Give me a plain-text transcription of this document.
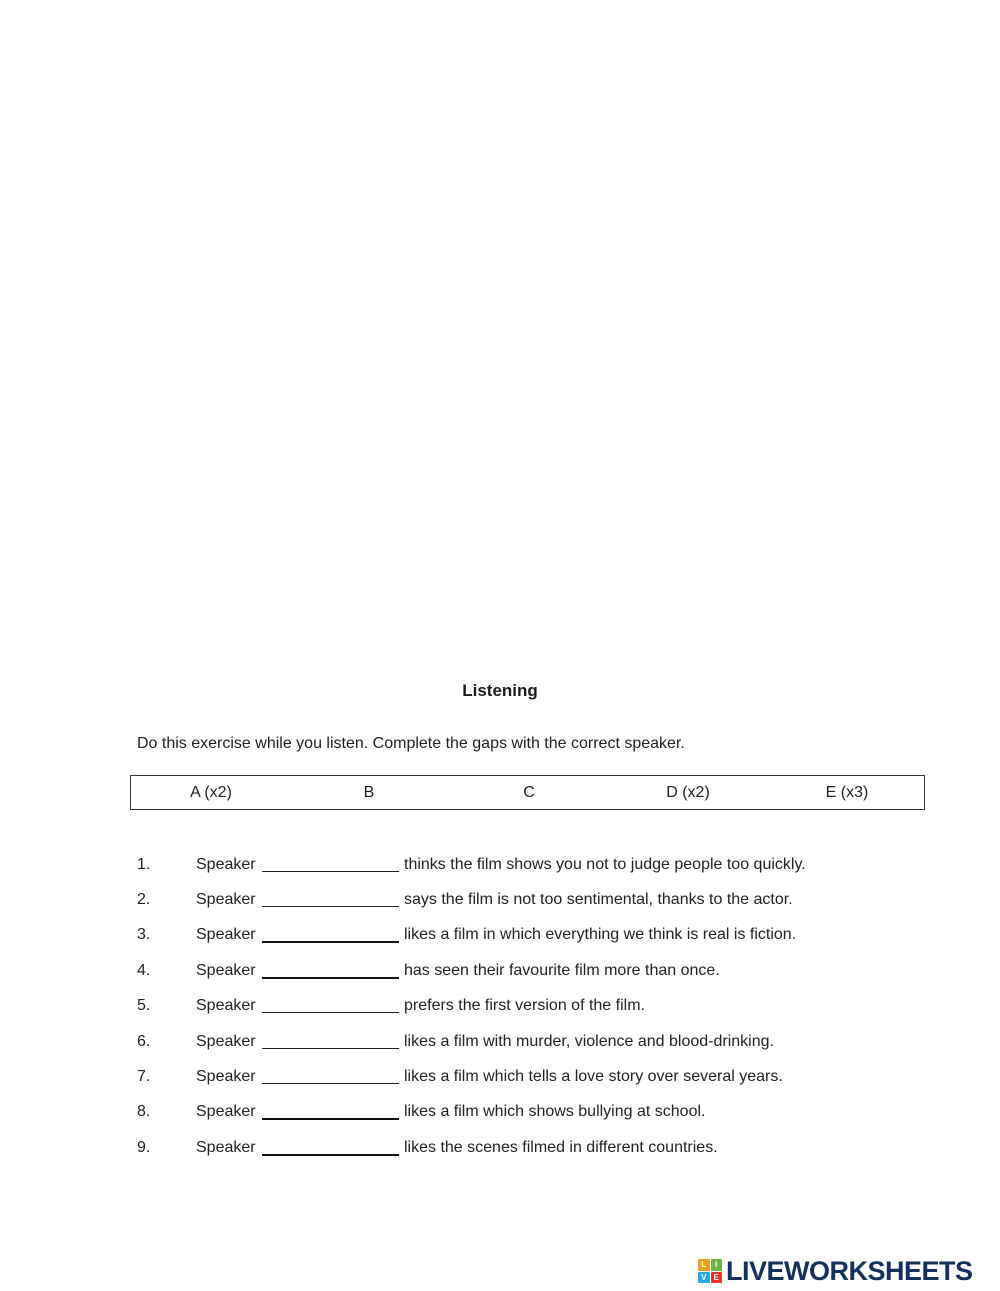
Listening
Do this exercise while you listen. Complete the gaps with the correct speaker.
A (x2)	B	C	D (x2)	E (x3)
1.	Speaker	thinks the film shows you not to judge people too quickly.
2.	Speaker	says the film is not too sentimental, thanks to the actor.
3.	Speaker	likes a film in which everything we think is real is fiction.
4.	Speaker	has seen their favourite film more than once.
5.	Speaker	prefers the first version of the film.
6.	Speaker	likes a film with murder, violence and blood-drinking.
7.	Speaker	likes a film which tells a love story over several years.
8.	Speaker	likes a film which shows bullying at school.
9.	Speaker	likes the scenes filmed in different countries.
L	I
V E LIVEWORKSHEETS
